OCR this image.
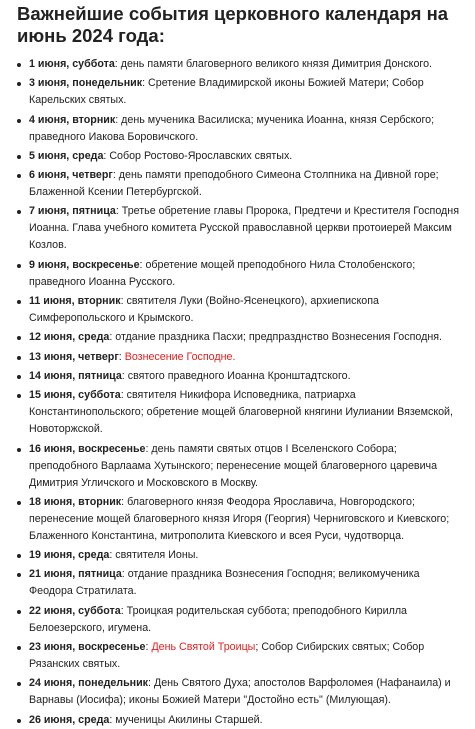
Важнейшие события церковного календаря на июнь 2024 года:
1 июня, суббота: день памяти благоверного великого князя Димитрия Донского.
3 июня, понедельник: Сретение Владимирской иконы Божией Матери; Собор Карельских святых.
4 июня, вторник: день мученика Василиска; мученика Иоанна, князя Сербского; праведного Иакова Боровичского.
5 июня, среда: Собор Ростово-Ярославских святых.
6 июня, четверг: день памяти преподобного Симеона Столпника на Дивной горе; Блаженной Ксении Петербургской.
7 июня, пятница: Третье обретение главы Пророка, Предтечи и Крестителя Господня Иоанна. Глава учебного комитета Русской православной церкви протоиерей Максим Козлов.
9 июня, воскресенье: обретение мощей преподобного Нила Столобенского; праведного Иоанна Русского.
11 июня, вторник: святителя Луки (Войно-Ясенецкого), архиепископа Симферопольского и Крымского.
12 июня, среда: отдание праздника Пасхи; предпразднство Вознесения Господня.
13 июня, четверг: Вознесение Господне.
14 июня, пятница: святого праведного Иоанна Кронштадтского.
15 июня, суббота: святителя Никифора Исповедника, патриарха Константинопольского; обретение мощей благоверной княгини Иулиании Вяземской, Новоторжской.
16 июня, воскресенье: день памяти святых отцов I Вселенского Собора; преподобного Варлаама Хутынского; перенесение мощей благоверного царевича Димитрия Угличского и Московского в Москву.
18 июня, вторник: благоверного князя Феодора Ярославича, Новгородского; перенесение мощей благоверного князя Игоря (Георгия) Черниговского и Киевского; Блаженного Константина, митрополита Киевского и всея Руси, чудотворца.
19 июня, среда: святителя Ионы.
21 июня, пятница: отдание праздника Вознесения Господня; великомученика Феодора Стратилата.
22 июня, суббота: Троицкая родительская суббота; преподобного Кирилла Белоезерского, игумена.
23 июня, воскресенье: День Святой Троицы; Собор Сибирских святых; Собор Рязанских святых.
24 июня, понедельник: День Святого Духа; апостолов Варфоломея (Нафанаила) и Варнавы (Иосифа); иконы Божией Матери "Достойно есть" (Милующая).
26 июня, среда: мученицы Акилины Старшей.
